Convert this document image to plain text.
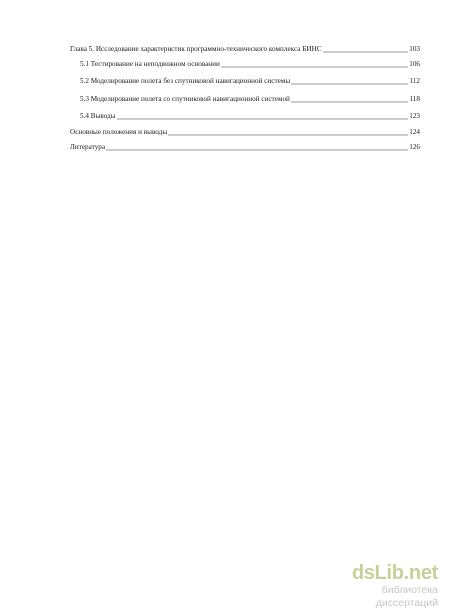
Глава 5. Исследование характеристик программно-технического комплекса БИНС	103
5.1 Тестирование на неподвижном основании	106
5.2 Моделирование полета без спутниковой навигационной системы	112
5.3 Моделирование полета со спутниковой навигационной системой	118
5.4 Выводы	123
Основные положения и выводы	124
Литература	126
dsLib.net
библиотека диссертаций
